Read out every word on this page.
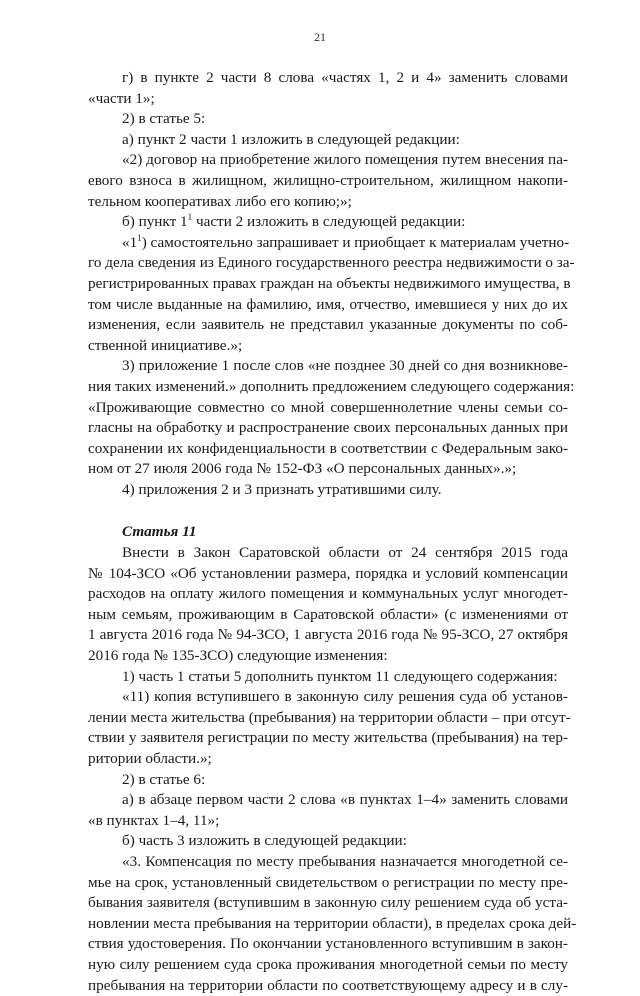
21
г) в пункте 2 части 8 слова «частях 1, 2 и 4» заменить словами
«части 1»;
2) в статье 5:
а) пункт 2 части 1 изложить в следующей редакции:
«2) договор на приобретение жилого помещения путем внесения па-
евого взноса в жилищном, жилищно-строительном, жилищном накопи-
тельном кооперативах либо его копию;»;
б) пункт $1^1$ части 2 изложить в следующей редакции:
«$1^1$) самостоятельно запрашивает и приобщает к материалам учетно-
го дела сведения из Единого государственного реестра недвижимости о за-
регистрированных правах граждан на объекты недвижимого имущества, в
том числе выданные на фамилию, имя, отчество, имевшиеся у них до их
изменения, если заявитель не представил указанные документы по соб-
ственной инициативе.»;
3) приложение 1 после слов «не позднее 30 дней со дня возникнове-
ния таких изменений.» дополнить предложением следующего содержания:
«Проживающие совместно со мной совершеннолетние члены семьи со-
гласны на обработку и распространение своих персональных данных при
сохранении их конфиденциальности в соответствии с Федеральным зако-
ном от 27 июля 2006 года № 152-ФЗ «О персональных данных».»;
4) приложения 2 и 3 признать утратившими силу.
Статья 11
Внести в Закон Саратовской области от 24 сентября 2015 года
№ 104-ЗСО «Об установлении размера, порядка и условий компенсации
расходов на оплату жилого помещения и коммунальных услуг многодет-
ным семьям, проживающим в Саратовской области» (с изменениями от
1 августа 2016 года № 94-ЗСО, 1 августа 2016 года № 95-ЗСО, 27 октября
2016 года № 135-ЗСО) следующие изменения:
1) часть 1 статьи 5 дополнить пунктом 11 следующего содержания:
«11) копия вступившего в законную силу решения суда об установ-
лении места жительства (пребывания) на территории области – при отсут-
ствии у заявителя регистрации по месту жительства (пребывания) на тер-
ритории области.»;
2) в статье 6:
а) в абзаце первом части 2 слова «в пунктах 1–4» заменить словами
«в пунктах 1–4, 11»;
б) часть 3 изложить в следующей редакции:
«3. Компенсация по месту пребывания назначается многодетной се-
мье на срок, установленный свидетельством о регистрации по месту пре-
бывания заявителя (вступившим в законную силу решением суда об уста-
новлении места пребывания на территории области), в пределах срока дей-
ствия удостоверения. По окончании установленного вступившим в закон-
ную силу решением суда срока проживания многодетной семьи по месту
пребывания на территории области по соответствующему адресу и в слу-
